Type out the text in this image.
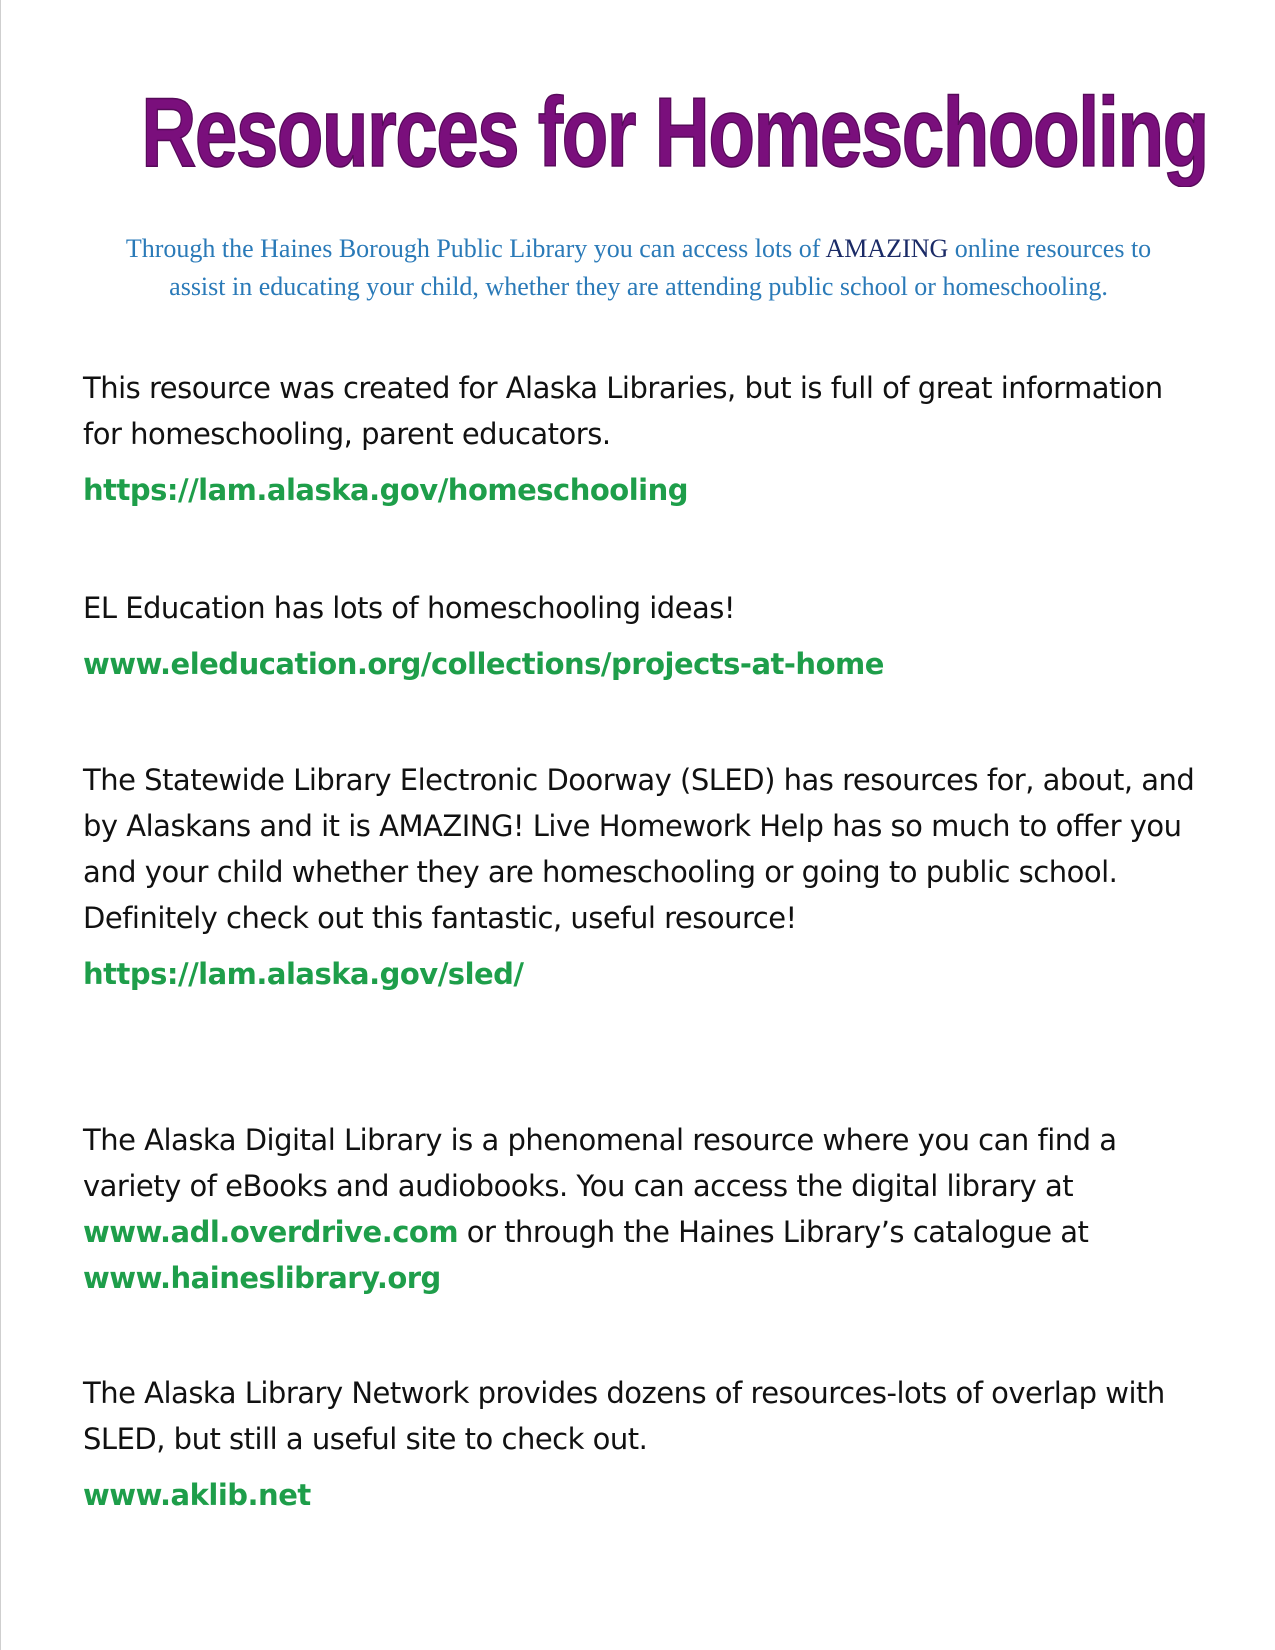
Resources for Homeschooling
Through the Haines Borough Public Library you can access lots of AMAZING online resources to assist in educating your child, whether they are attending public school or homeschooling.

This resource was created for Alaska Libraries, but is full of great information for homeschooling, parent educators.

https://lam.alaska.gov/homeschooling

EL Education has lots of homeschooling ideas!

www.eleducation.org/collections/projects-at-home

The Statewide Library Electronic Doorway (SLED) has resources for, about, and by Alaskans and it is AMAZING! Live Homework Help has so much to offer you and your child whether they are homeschooling or going to public school. Definitely check out this fantastic, useful resource!

https://lam.alaska.gov/sled/

The Alaska Digital Library is a phenomenal resource where you can find a variety of eBooks and audiobooks. You can access the digital library at www.adl.overdrive.com or through the Haines Library’s catalogue at www.haineslibrary.org

The Alaska Library Network provides dozens of resources-lots of overlap with SLED, but still a useful site to check out.

www.aklib.net
